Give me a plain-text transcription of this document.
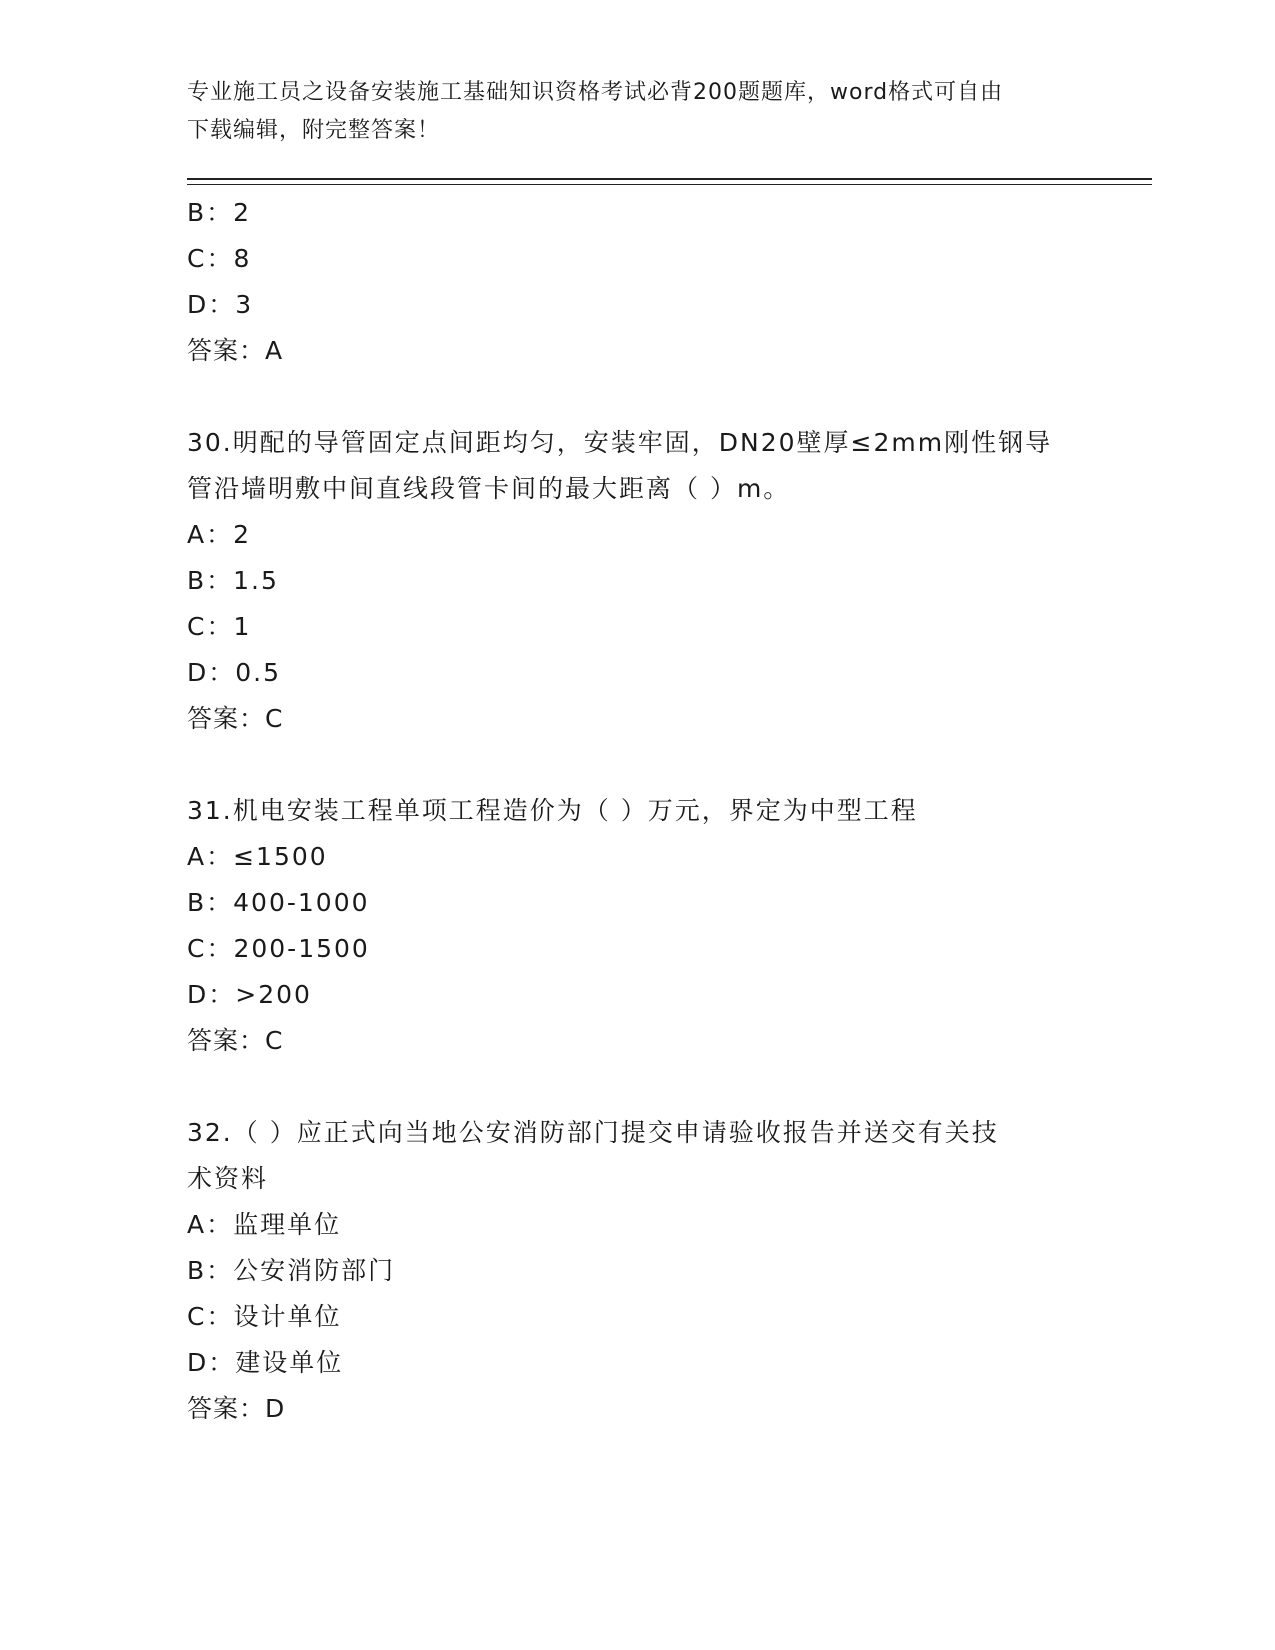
专业施工员之设备安装施工基础知识资格考试必背200题题库，word格式可自由
下载编辑，附完整答案！
B：2
C：8
D：3
答案：A
30.明配的导管固定点间距均匀，安装牢固，DN20壁厚≤2mm刚性钢导
管沿墙明敷中间直线段管卡间的最大距离（ ）m。
A：2
B：1.5
C：1
D：0.5
答案：C
31.机电安装工程单项工程造价为（ ）万元，界定为中型工程
A：≤1500
B：400-1000
C：200-1500
D：>200
答案：C
32.（ ）应正式向当地公安消防部门提交申请验收报告并送交有关技
术资料
A：监理单位
B：公安消防部门
C：设计单位
D：建设单位
答案：D
